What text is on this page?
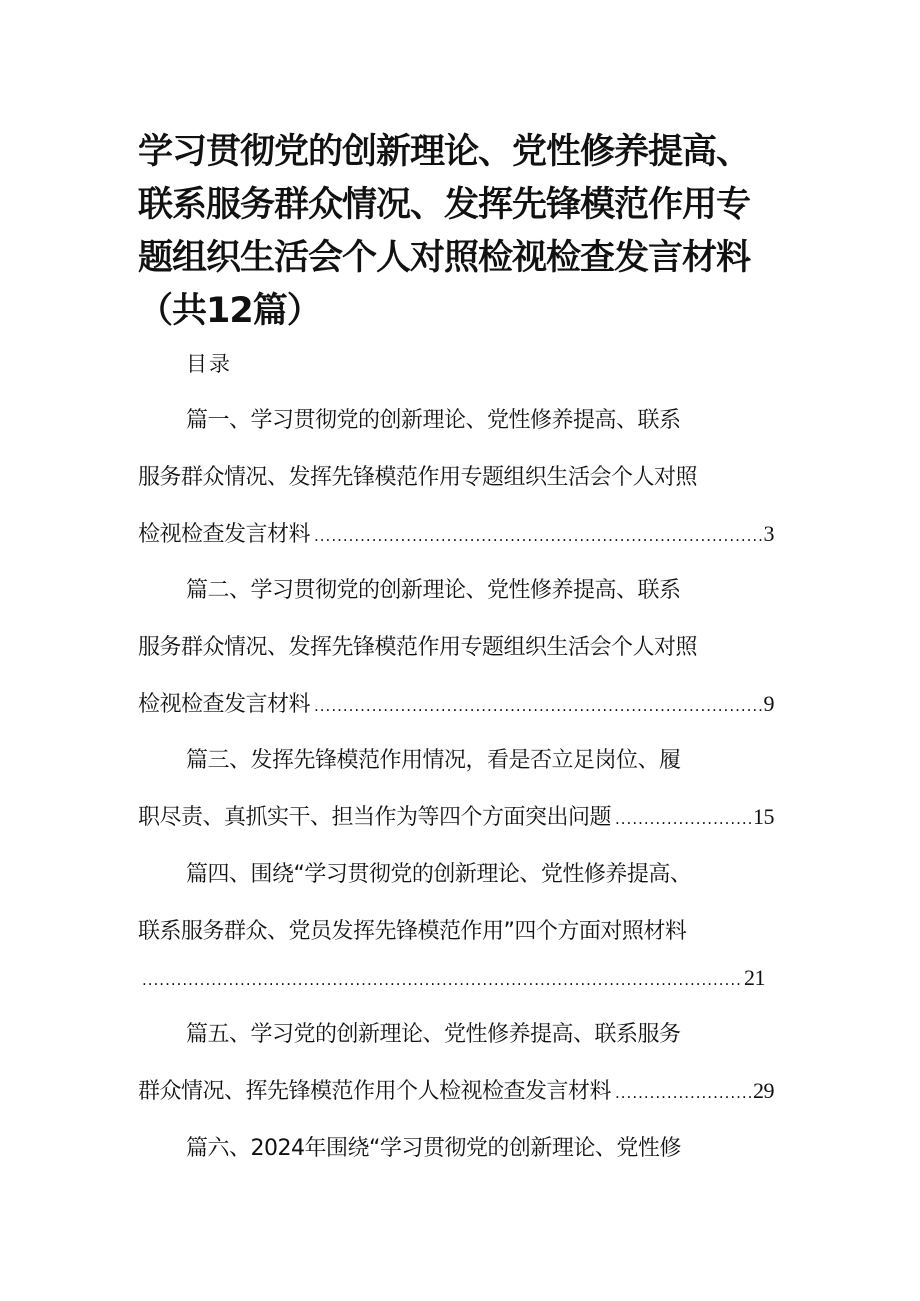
学习贯彻党的创新理论、党性修养提高、联系服务群众情况、发挥先锋模范作用专题组织生活会个人对照检视检查发言材料（共12篇）
目录
篇一、学习贯彻党的创新理论、党性修养提高、联系
服务群众情况、发挥先锋模范作用专题组织生活会个人对照
检视检查发言材料 .....	3
篇二、学习贯彻党的创新理论、党性修养提高、联系
服务群众情况、发挥先锋模范作用专题组织生活会个人对照
检视检查发言材料 .....	9
篇三、发挥先锋模范作用情况，看是否立足岗位、履
职尽责、真抓实干、担当作为等四个方面突出问题 .....	15
篇四、围绕“学习贯彻党的创新理论、党性修养提高、
联系服务群众、党员发挥先锋模范作用”四个方面对照材料
.....
21
篇五、学习党的创新理论、党性修养提高、联系服务
群众情况、挥先锋模范作用个人检视检查发言材料 .....	29
篇六、2024年围绕“学习贯彻党的创新理论、党性修
